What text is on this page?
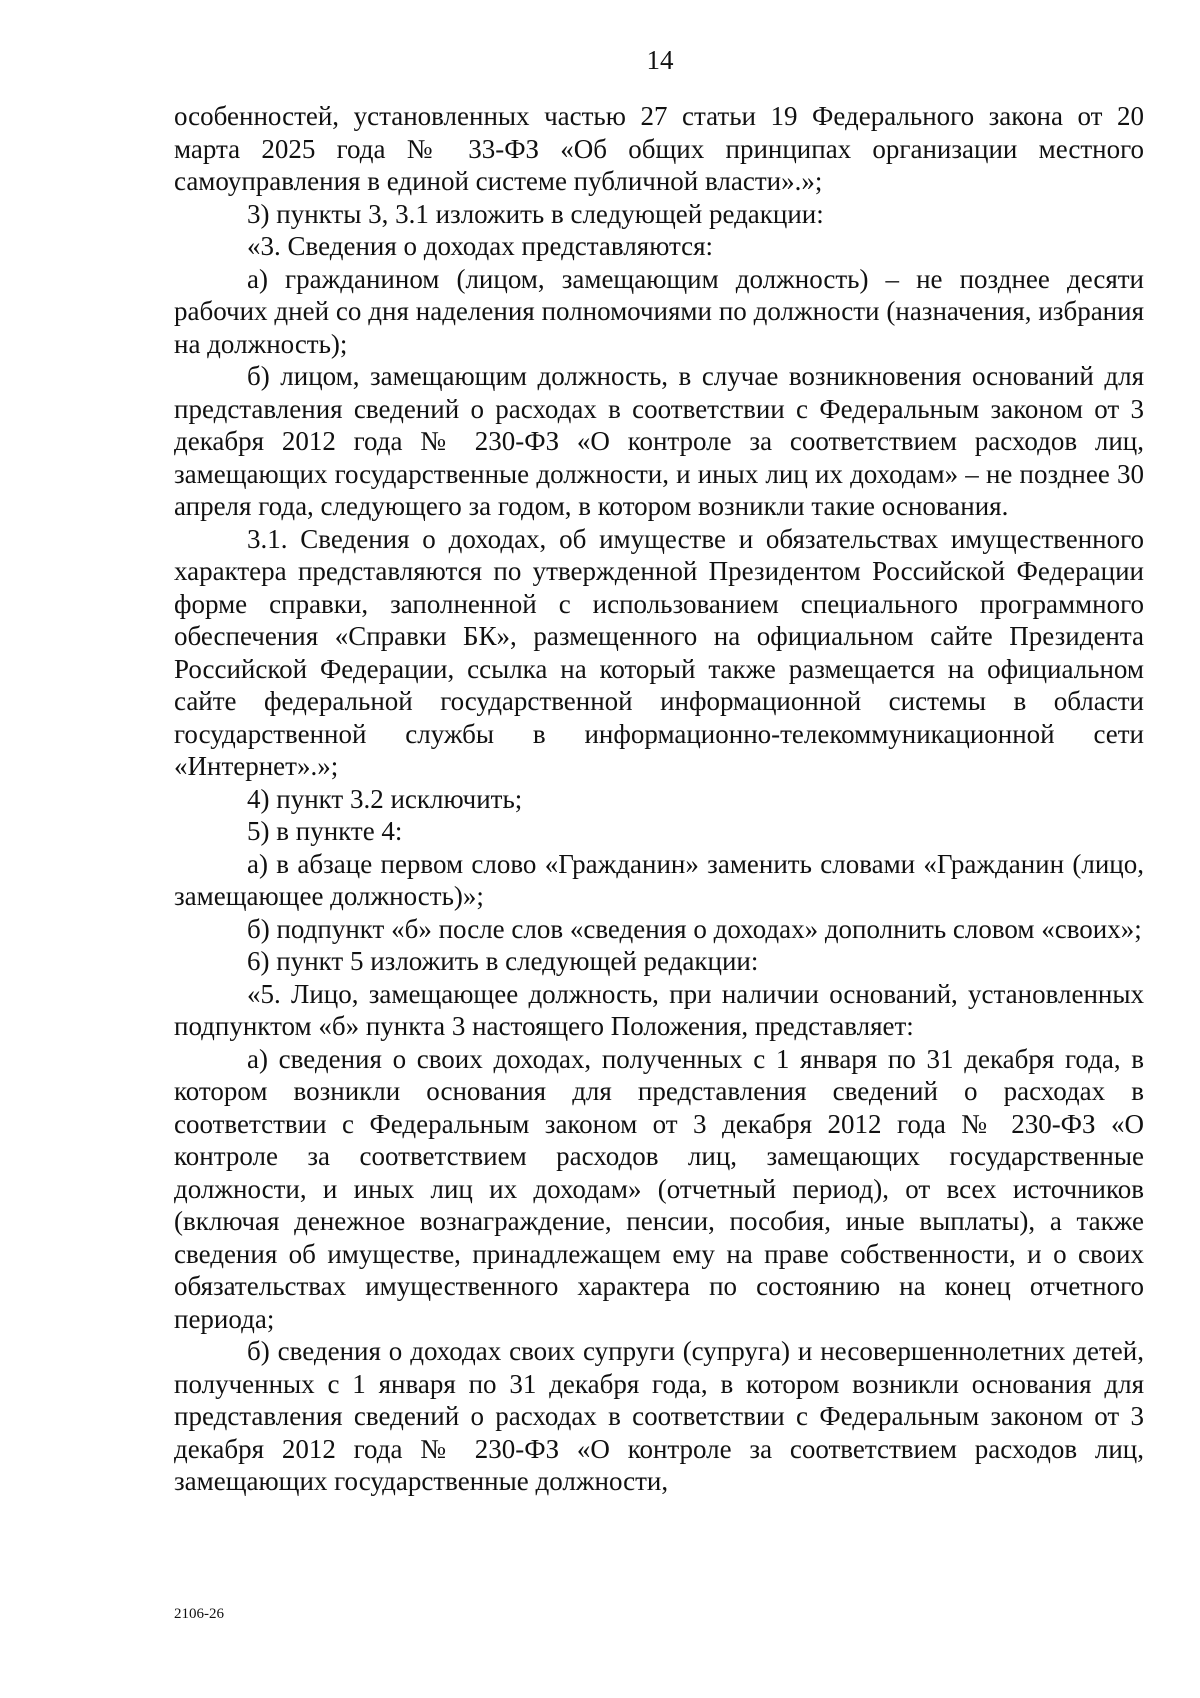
14

особенностей, установленных частью 27 статьи 19 Федерального закона от 20 марта 2025 года № 33-ФЗ «Об общих принципах организации местного самоуправления в единой системе публичной власти».»;

3) пункты 3, 3.1 изложить в следующей редакции:

«3. Сведения о доходах представляются:

а) гражданином (лицом, замещающим должность) – не позднее десяти рабочих дней со дня наделения полномочиями по должности (назначения, избрания на должность);

б) лицом, замещающим должность, в случае возникновения оснований для представления сведений о расходах в соответствии с Федеральным законом от 3 декабря 2012 года № 230-ФЗ «О контроле за соответствием расходов лиц, замещающих государственные должности, и иных лиц их доходам» – не позднее 30 апреля года, следующего за годом, в котором возникли такие основания.

3.1. Сведения о доходах, об имуществе и обязательствах имущественного характера представляются по утвержденной Президентом Российской Федерации форме справки, заполненной с использованием специального программного обеспечения «Справки БК», размещенного на официальном сайте Президента Российской Федерации, ссылка на который также размещается на официальном сайте федеральной государственной информационной системы в области государственной службы в информационно-телекоммуникационной сети «Интернет».»;

4) пункт 3.2 исключить;

5) в пункте 4:

а) в абзаце первом слово «Гражданин» заменить словами «Гражданин (лицо, замещающее должность)»;

б) подпункт «б» после слов «сведения о доходах» дополнить словом «своих»;

6) пункт 5 изложить в следующей редакции:

«5. Лицо, замещающее должность, при наличии оснований, установленных подпунктом «б» пункта 3 настоящего Положения, представляет:

а) сведения о своих доходах, полученных с 1 января по 31 декабря года, в котором возникли основания для представления сведений о расходах в соответствии с Федеральным законом от 3 декабря 2012 года № 230-ФЗ «О контроле за соответствием расходов лиц, замещающих государственные должности, и иных лиц их доходам» (отчетный период), от всех источников (включая денежное вознаграждение, пенсии, пособия, иные выплаты), а также сведения об имуществе, принадлежащем ему на праве собственности, и о своих обязательствах имущественного характера по состоянию на конец отчетного периода;

б) сведения о доходах своих супруги (супруга) и несовершеннолетних детей, полученных с 1 января по 31 декабря года, в котором возникли основания для представления сведений о расходах в соответствии с Федеральным законом от 3 декабря 2012 года № 230-ФЗ «О контроле за соответствием расходов лиц, замещающих государственные должности,

2106-26
